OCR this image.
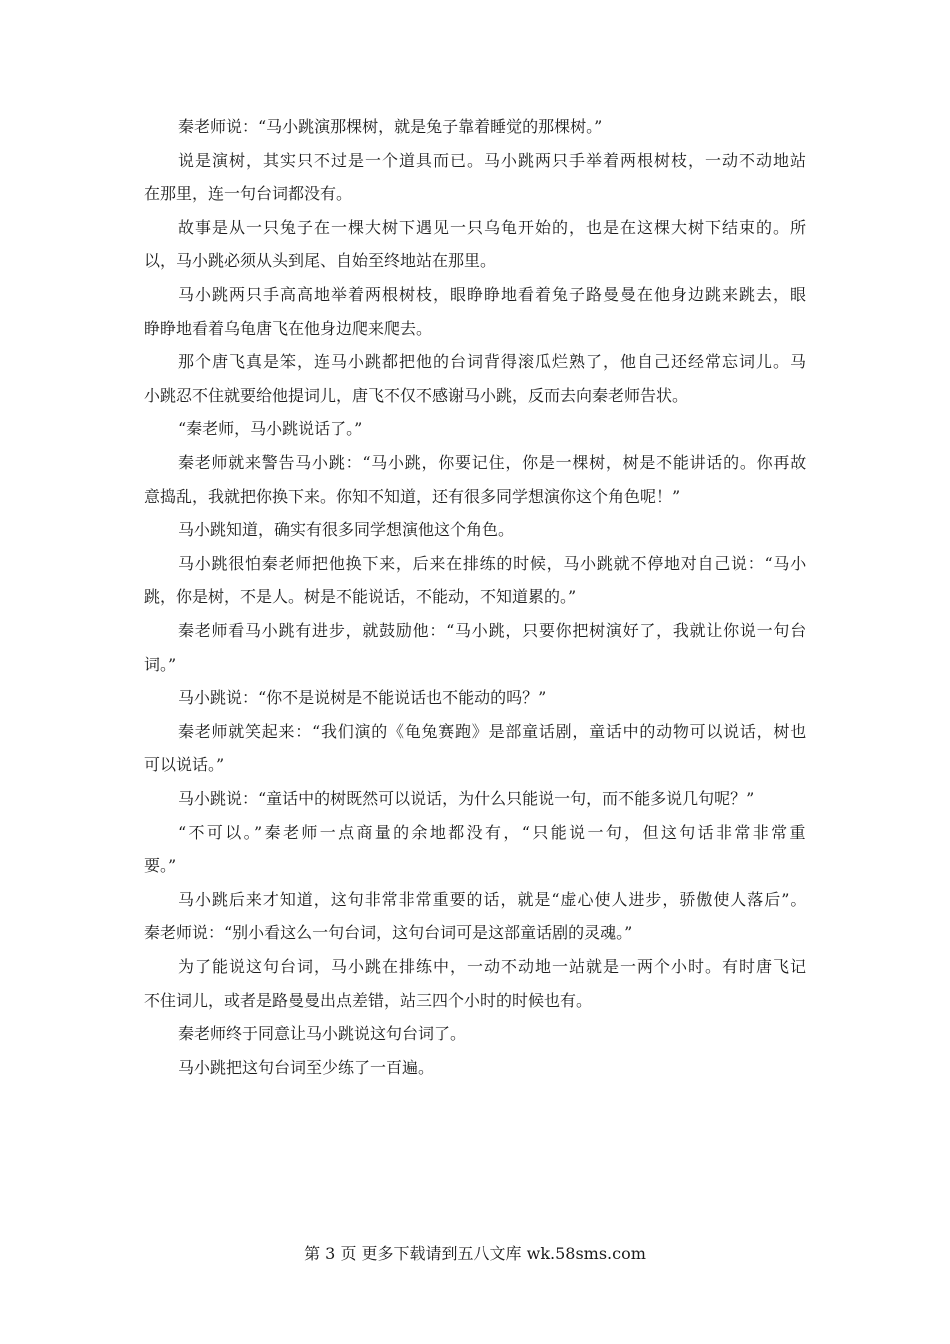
秦老师说：“马小跳演那棵树，就是兔子靠着睡觉的那棵树。”
说是演树，其实只不过是一个道具而已。马小跳两只手举着两根树枝，一动不动地站
在那里，连一句台词都没有。
故事是从一只兔子在一棵大树下遇见一只乌龟开始的，也是在这棵大树下结束的。所
以，马小跳必须从头到尾、自始至终地站在那里。
马小跳两只手高高地举着两根树枝，眼睁睁地看着兔子路曼曼在他身边跳来跳去，眼
睁睁地看着乌龟唐飞在他身边爬来爬去。
那个唐飞真是笨，连马小跳都把他的台词背得滚瓜烂熟了，他自己还经常忘词儿。马
小跳忍不住就要给他提词儿，唐飞不仅不感谢马小跳，反而去向秦老师告状。
“秦老师，马小跳说话了。”
秦老师就来警告马小跳：“马小跳，你要记住，你是一棵树，树是不能讲话的。你再故
意捣乱，我就把你换下来。你知不知道，还有很多同学想演你这个角色呢！”
马小跳知道，确实有很多同学想演他这个角色。
马小跳很怕秦老师把他换下来，后来在排练的时候，马小跳就不停地对自己说：“马小
跳，你是树，不是人。树是不能说话，不能动，不知道累的。”
秦老师看马小跳有进步，就鼓励他：“马小跳，只要你把树演好了，我就让你说一句台
词。”
马小跳说：“你不是说树是不能说话也不能动的吗？”
秦老师就笑起来：“我们演的《龟兔赛跑》是部童话剧，童话中的动物可以说话，树也
可以说话。”
马小跳说：“童话中的树既然可以说话，为什么只能说一句，而不能多说几句呢？”
“不可以。”秦老师一点商量的余地都没有，“只能说一句，但这句话非常非常重
要。”
马小跳后来才知道，这句非常非常重要的话，就是“虚心使人进步，骄傲使人落后”。
秦老师说：“别小看这么一句台词，这句台词可是这部童话剧的灵魂。”
为了能说这句台词，马小跳在排练中，一动不动地一站就是一两个小时。有时唐飞记
不住词儿，或者是路曼曼出点差错，站三四个小时的时候也有。
秦老师终于同意让马小跳说这句台词了。
马小跳把这句台词至少练了一百遍。
第 3 页 更多下载请到五八文库 wk.58sms.com
